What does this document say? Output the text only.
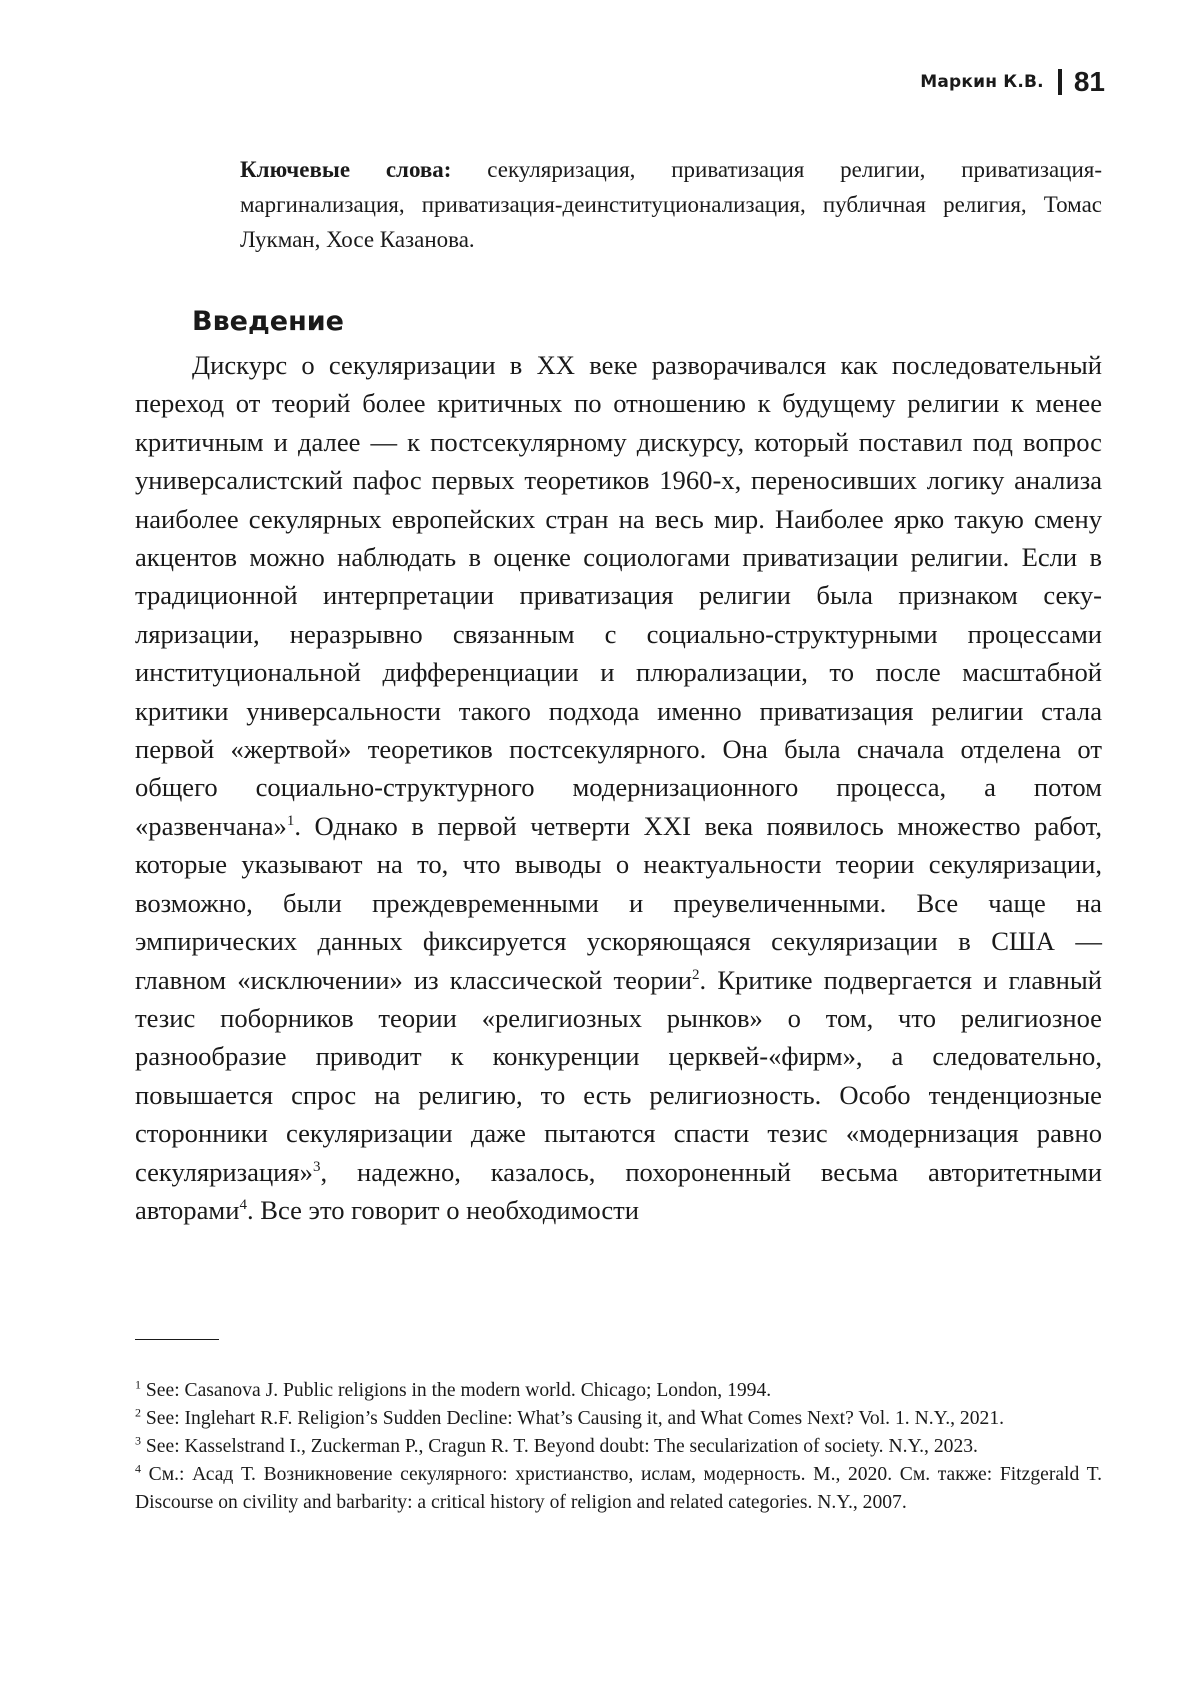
Маркин К.В. 81
Ключевые слова: секуляризация, приватизация религии, приватизация-маргинализация, приватизация-деинституционализация, публичная религия, Томас Лукман, Хосе Казанова.
Введение

Дискурс о секуляризации в XX веке разворачивался как последовательный переход от теорий более критичных по отношению к будущему религии к менее критичным и далее — к постсекулярному дискурсу, который поставил под вопрос универсалистский пафос первых теоретиков 1960-х, переносивших логику анализа наиболее секулярных европейских стран на весь мир. Наиболее ярко такую смену акцентов можно наблюдать в оценке социологами приватизации религии. Если в традиционной интерпретации приватизация религии была признаком секуляризации, неразрывно связанным с социально-структурными процессами институциональной дифференциации и плюрализации, то после масштабной критики универсальности такого подхода именно приватизация религии стала первой «жертвой» теоретиков постсекулярного. Она была сначала отделена от общего социально-структурного модернизационного процесса, а потом «развенчана»$^1$. Однако в первой четверти XXI века появилось множество работ, которые указывают на то, что выводы о неактуальности теории секуляризации, возможно, были преждевременными и преувеличенными. Все чаще на эмпирических данных фиксируется ускоряющаяся секуляризации в США — главном «исключении» из классической теории$^2$. Критике подвергается и главный тезис поборников теории «религиозных рынков» о том, что религиозное разнообразие приводит к конкуренции церквей-«фирм», а следовательно, повышается спрос на религию, то есть религиозность. Особо тенденциозные сторонники секуляризации даже пытаются спасти тезис «модернизация равно секуляризация»$^3$, надежно, казалось, похороненный весьма авторитетными авторами$^4$. Все это говорит о необходимости

$^1$ See: Casanova J. Public religions in the modern world. Chicago; London, 1994.

$^2$ See: Inglehart R.F. Religion’s Sudden Decline: What’s Causing it, and What Comes Next? Vol. 1. N.Y., 2021.

$^3$ See: Kasselstrand I., Zuckerman P., Cragun R. T. Beyond doubt: The secularization of society. N.Y., 2023.

$^4$ См.: Асад Т. Возникновение секулярного: христианство, ислам, модерность. М., 2020. См. также: Fitzgerald T. Discourse on civility and barbarity: a critical history of religion and related categories. N.Y., 2007.
